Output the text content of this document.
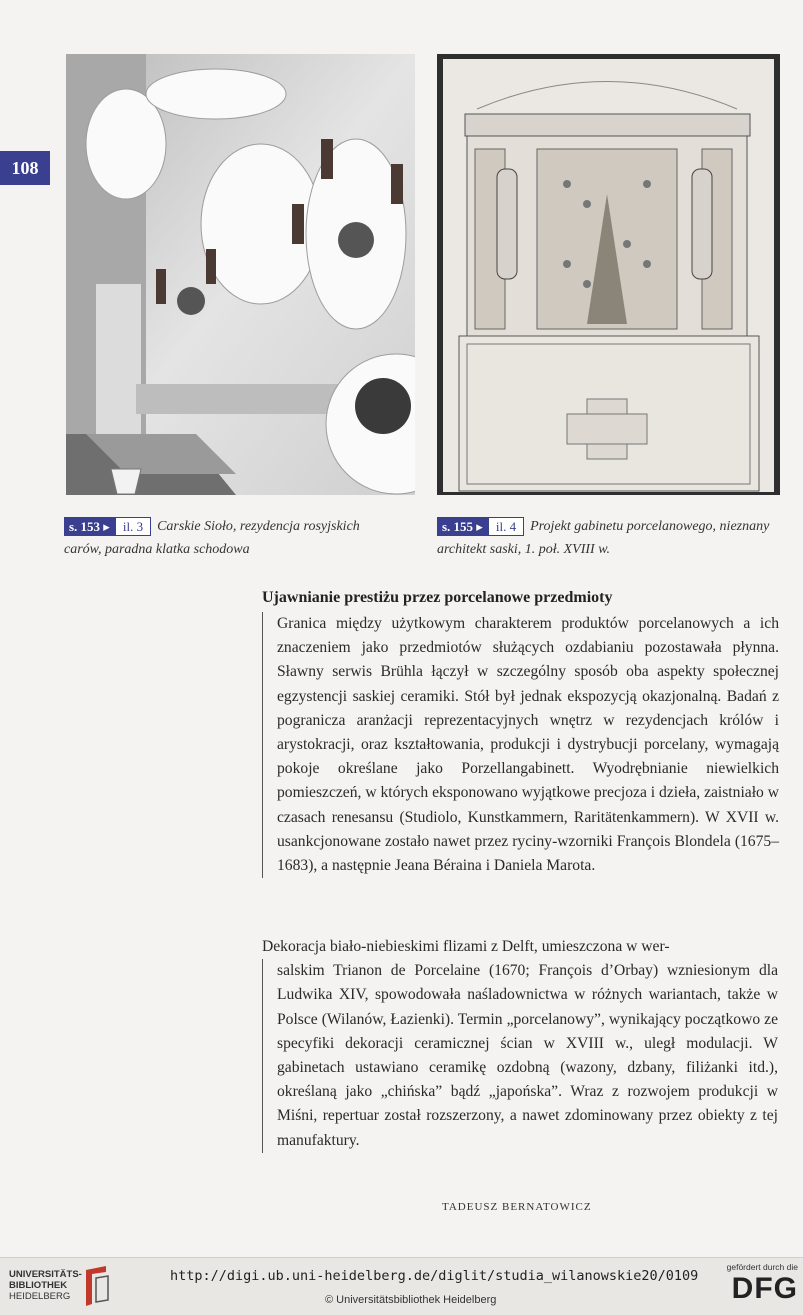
108
s. 153 ▸	il. 3	Carskie Sioło, rezydencja rosyjskich carów, paradna klatka schodowa
s. 155 ▸	il. 4	Projekt gabinetu porcelanowego, nieznany architekt saski, 1. poł. XVIII w.
Ujawnianie prestiżu przez porcelanowe przedmioty
Granica między użytkowym charakterem produktów porcelanowych a ich znaczeniem jako przedmiotów służących ozdabianiu pozostawała płynna. Sławny serwis Brühla łączył w szczególny sposób oba aspekty społecznej egzystencji saskiej ceramiki. Stół był jednak ekspozycją okazjonalną. Badań z pogranicza aranżacji reprezentacyjnych wnętrz w rezydencjach królów i arystokracji, oraz kształtowania, produkcji i dystrybucji porcelany, wymagają pokoje określane jako Porzellangabinett. Wyodrębnianie niewielkich pomieszczeń, w których eksponowano wyjątkowe precjoza i dzieła, zaistniało w czasach renesansu (Studiolo, Kunstkammern, Raritätenkammern). W XVII w. usankcjonowane zostało nawet przez ryciny-wzorniki François Blondela (1675–1683), a następnie Jeana Béraina i Daniela Marota.
Dekoracja biało-niebieskimi flizami z Delft, umieszczona w wer-
salskim Trianon de Porcelaine (1670; François d’Orbay) wzniesionym dla Ludwika XIV, spowodowała naśladownictwa w różnych wariantach, także w Polsce (Wilanów, Łazienki). Termin „porcelanowy”, wynikający początkowo ze specyfiki dekoracji ceramicznej ścian w XVIII w., uległ modulacji. W gabinetach ustawiano ceramikę ozdobną (wazony, dzbany, filiżanki itd.), określaną jako „chińska” bądź „japońska”. Wraz z rozwojem produkcji w Miśni, repertuar został rozszerzony, a nawet zdominowany przez obiekty z tej manufaktury.
TADEUSZ BERNATOWICZ
UNIVERSITÄTS-
BIBLIOTHEK
HEIDELBERG
http://digi.ub.uni-heidelberg.de/diglit/studia_wilanowskie20/0109
© Universitätsbibliothek Heidelberg
gefördert durch die
DFG
